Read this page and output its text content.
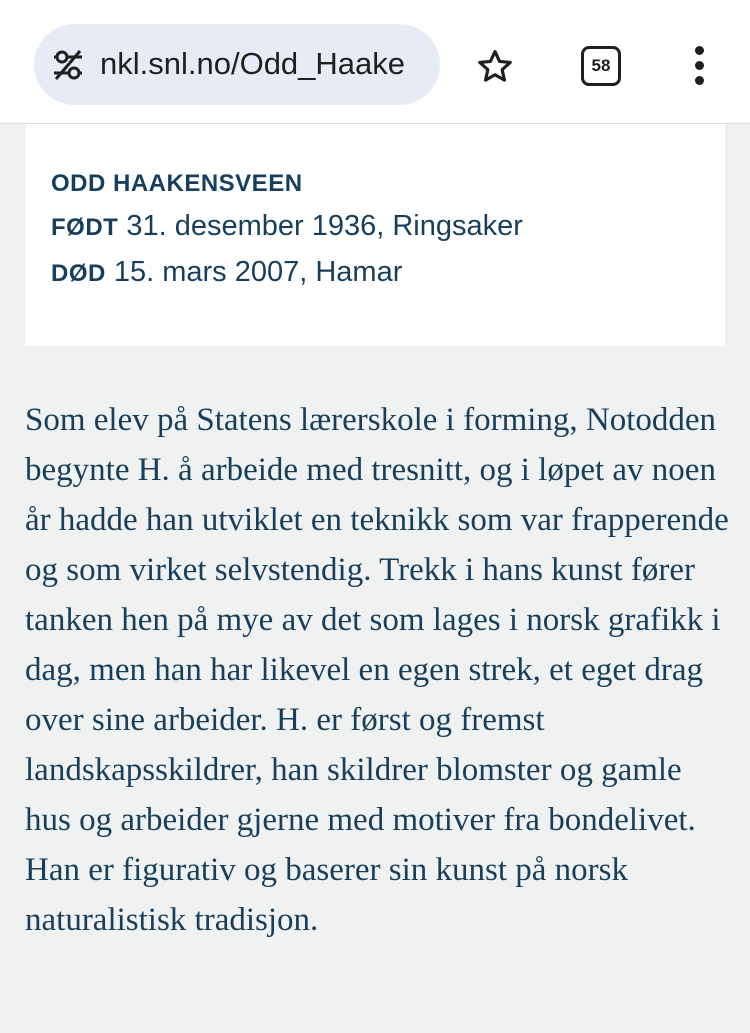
nkl.snl.no/Odd_Haake	58
ODD HAAKENSVEEN
FØDT 31. desember 1936, Ringsaker
DØD 15. mars 2007, Hamar
Som elev på Statens lærerskole i forming, Notodden begynte H. å arbeide med tresnitt, og i løpet av noen år hadde han utviklet en teknikk som var frapperende og som virket selvstendig. Trekk i hans kunst fører tanken hen på mye av det som lages i norsk grafikk i dag, men han har likevel en egen strek, et eget drag over sine arbeider. H. er først og fremst landskapsskildrer, han skildrer blomster og gamle hus og arbeider gjerne med motiver fra bondelivet. Han er figurativ og baserer sin kunst på norsk naturalistisk tradisjon.
